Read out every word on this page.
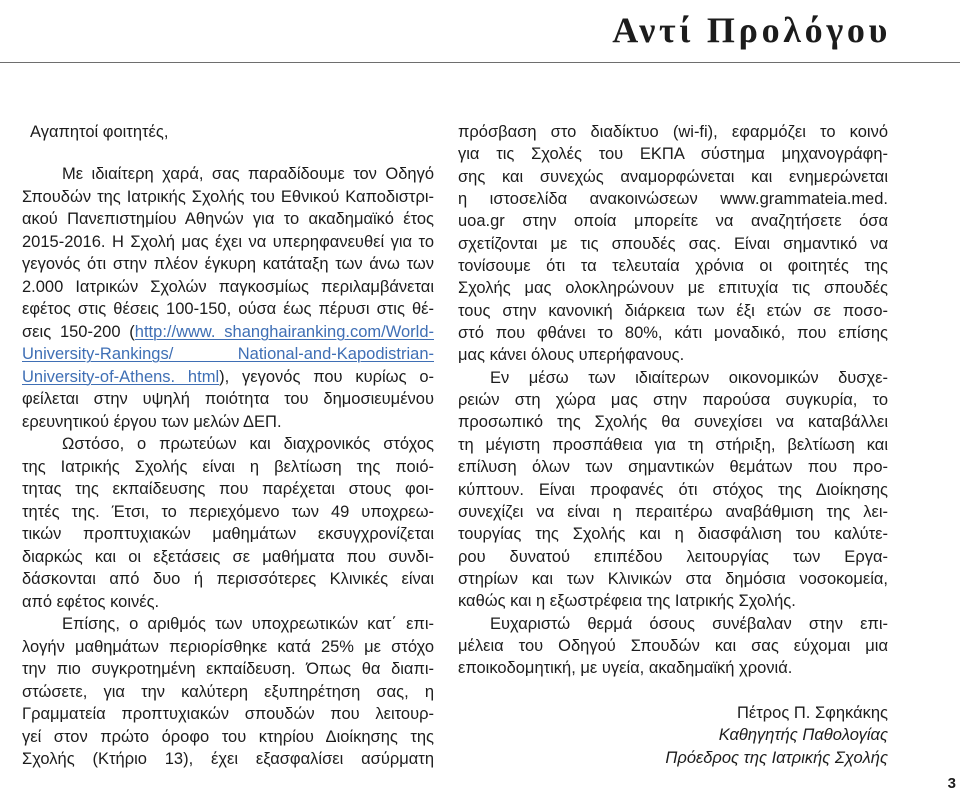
Αντί Προλόγου
Αγαπητοί φοιτητές,
Με ιδιαίτερη χαρά, σας παραδίδουμε τον Οδηγό
Σπουδών της Ιατρικής Σχολής του Εθνικού Καποδιστρι-
ακού Πανεπιστημίου Αθηνών για το ακαδημαϊκό έτος
2015-2016. Η Σχολή μας έχει να υπερηφανευθεί για το
γεγονός ότι στην πλέον έγκυρη κατάταξη των άνω των
2.000 Ιατρικών Σχολών παγκοσμίως περιλαμβάνεται
εφέτος στις θέσεις 100-150, ούσα έως πέρυσι στις θέ-
σεις 150-200 (http://www. shanghairanking.com/World-
University-Rankings/ National-and-Kapodistrian-
University-of-Athens. html), γεγονός που κυρίως ο-
φείλεται στην υψηλή ποιότητα του δημοσιευμένου
ερευνητικού έργου των μελών ΔΕΠ.
Ωστόσο, ο πρωτεύων και διαχρονικός στόχος
της Ιατρικής Σχολής είναι η βελτίωση της ποιό-
τητας της εκπαίδευσης που παρέχεται στους φοι-
τητές της. Έτσι, το περιεχόμενο των 49 υποχρεω-
τικών προπτυχιακών μαθημάτων εκσυγχρονίζεται
διαρκώς και οι εξετάσεις σε μαθήματα που συνδι-
δάσκονται από δυο ή περισσότερες Κλινικές είναι
από εφέτος κοινές.
Επίσης, ο αριθμός των υποχρεωτικών κατ΄ επι-
λογήν μαθημάτων περιορίσθηκε κατά 25% με στόχο
την πιο συγκροτημένη εκπαίδευση. Όπως θα διαπι-
στώσετε, για την καλύτερη εξυπηρέτηση σας, η
Γραμματεία προπτυχιακών σπουδών που λειτουρ-
γεί στον πρώτο όροφο του κτηρίου Διοίκησης της
Σχολής (Κτήριο 13), έχει εξασφαλίσει ασύρματη
πρόσβαση στο διαδίκτυο (wi-fi), εφαρμόζει το κοινό
για τις Σχολές του ΕΚΠΑ σύστημα μηχανογράφη-
σης και συνεχώς αναμορφώνεται και ενημερώνεται
η ιστοσελίδα ανακοινώσεων www.grammateia.med.
uoa.gr στην οποία μπορείτε να αναζητήσετε όσα
σχετίζονται με τις σπουδές σας. Είναι σημαντικό να
τονίσουμε ότι τα τελευταία χρόνια οι φοιτητές της
Σχολής μας ολοκληρώνουν με επιτυχία τις σπουδές
τους στην κανονική διάρκεια των έξι ετών σε ποσο-
στό που φθάνει το 80%, κάτι μοναδικό, που επίσης
μας κάνει όλους υπερήφανους.
Εν μέσω των ιδιαίτερων οικονομικών δυσχε-
ρειών στη χώρα μας στην παρούσα συγκυρία, το
προσωπικό της Σχολής θα συνεχίσει να καταβάλλει
τη μέγιστη προσπάθεια για τη στήριξη, βελτίωση και
επίλυση όλων των σημαντικών θεμάτων που προ-
κύπτουν. Είναι προφανές ότι στόχος της Διοίκησης
συνεχίζει να είναι η περαιτέρω αναβάθμιση της λει-
τουργίας της Σχολής και η διασφάλιση του καλύτε-
ρου δυνατού επιπέδου λειτουργίας των Εργα-
στηρίων και των Κλινικών στα δημόσια νοσοκομεία,
καθώς και η εξωστρέφεια της Ιατρικής Σχολής.
Ευχαριστώ θερμά όσους συνέβαλαν στην επι-
μέλεια του Οδηγού Σπουδών και σας εύχομαι μια
εποικοδομητική, με υγεία, ακαδημαϊκή χρονιά.
Πέτρος Π. Σφηκάκης
Καθηγητής Παθολογίας
Πρόεδρος της Ιατρικής Σχολής
3
